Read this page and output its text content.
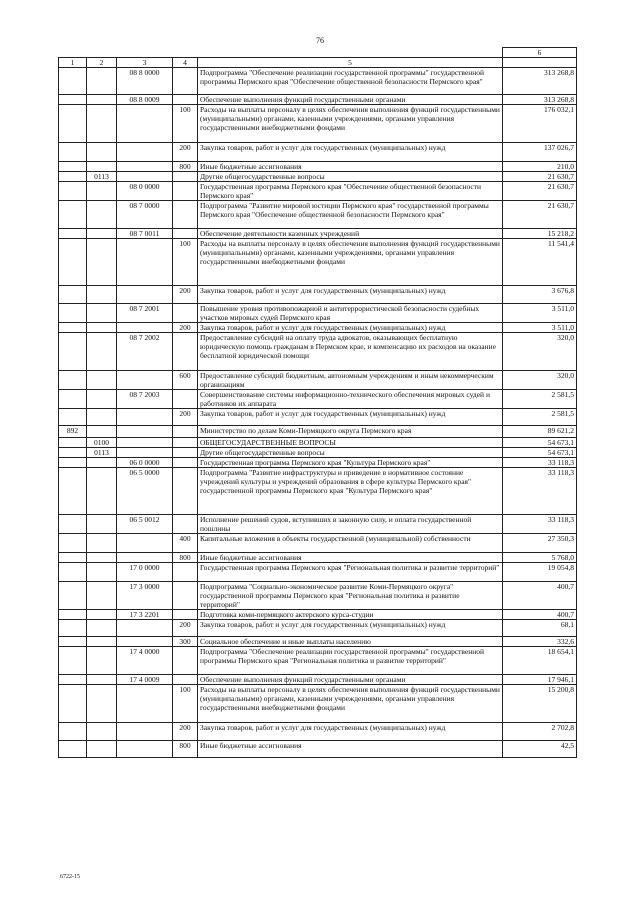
76
					6
1	2	3	4	5	
		08 8 0000		Подпрограмма "Обеспечение реализации государственной программы" государственной программы Пермского края "Обеспечение общественной безопасности Пермского края"	313 268,8
		08 8 0009		Обеспечение выполнения функций государственными органами	313 268,8
			100	Расходы на выплаты персоналу в целях обеспечения выполнения функций государственными (муниципальными) органами, казенными учреждениями, органами управления государственными внебюджетными фондами	176 032,1
			200	Закупка товаров, работ и услуг для государственных (муниципальных) нужд	137 026,7
			800	Иные бюджетные ассигнования	210,0
	0113			Другие общегосударственные вопросы	21 630,7
		08 0 0000		Государственная программа Пермского края "Обеспечение общественной безопасности Пермского края"	21 630,7
		08 7 0000		Подпрограмма "Развитие мировой юстиции Пермского края" государственной программы Пермского края "Обеспечение общественной безопасности Пермского края"	21 630,7
		08 7 0011		Обеспечение деятельности казенных учреждений	15 218,2
			100	Расходы на выплаты персоналу в целях обеспечения выполнения функций государственными (муниципальными) органами, казенными учреждениями, органами управления государственными внебюджетными фондами	11 541,4
			200	Закупка товаров, работ и услуг для государственных (муниципальных) нужд	3 676,8
		08 7 2001		Повышение уровня противопожарной и антитеррористической безопасности судебных участков мировых судей Пермского края	3 511,0
			200	Закупка товаров, работ и услуг для государственных (муниципальных) нужд	3 511,0
		08 7 2002		Предоставление субсидий на оплату труда адвокатов, оказывающих бесплатную юридическую помощь гражданам в Пермском крае, и компенсацию их расходов на оказание бесплатной юридической помощи	320,0
			600	Предоставление субсидий бюджетным, автономным учреждениям и иным некоммерческим организациям	320,0
		08 7 2003		Совершенствование системы информационно-технического обеспечения мировых судей и работников их аппарата	2 581,5
			200	Закупка товаров, работ и услуг для государственных (муниципальных) нужд	2 581,5
892				Министерство по делам Коми-Пермяцкого округа Пермского края	89 621,2
	0100			ОБЩЕГОСУДАРСТВЕННЫЕ ВОПРОСЫ	54 673,1
	0113			Другие общегосударственные вопросы	54 673,1
		06 0 0000		Государственная программа Пермского края "Культура Пермского края"	33 118,3
		06 5 0000		Подпрограмма "Развитие инфраструктуры и приведение в нормативное состояние учреждений культуры и учреждений образования в сфере культуры Пермского края" государственной программы Пермского края "Культура Пермского края"	33 118,3
		06 5 0012		Исполнение решений судов, вступивших в законную силу, и оплата государственной пошлины	33 118,3
			400	Капитальные вложения в объекты государственной (муниципальной) собственности	27 350,3
			800	Иные бюджетные ассигнования	5 768,0
		17 0 0000		Государственная программа Пермского края "Региональная политика и развитие территорий"	19 054,8
		17 3 0000		Подпрограмма "Социально-экономическое развитие Коми-Пермяцкого округа" государственной программы Пермского края "Региональная политика и развитие территорий"	400,7
		17 3 2201		Подготовка коми-пермяцкого актерского курса-студии	400,7
			200	Закупка товаров, работ и услуг для государственных (муниципальных) нужд	68,1
			300	Социальное обеспечение и иные выплаты населению	332,6
		17 4 0000		Подпрограмма "Обеспечение реализации государственной программы" государственной программы Пермского края "Региональная политика и развитие территорий"	18 654,1
		17 4 0009		Обеспечение выполнения функций государственными органами	17 946,1
			100	Расходы на выплаты персоналу в целях обеспечения выполнения функций государственными (муниципальными) органами, казенными учреждениями, органами управления государственными внебюджетными фондами	15 200,8
			200	Закупка товаров, работ и услуг для государственных (муниципальных) нужд	2 702,8
			800	Иные бюджетные ассигнования	42,5
6722-15
